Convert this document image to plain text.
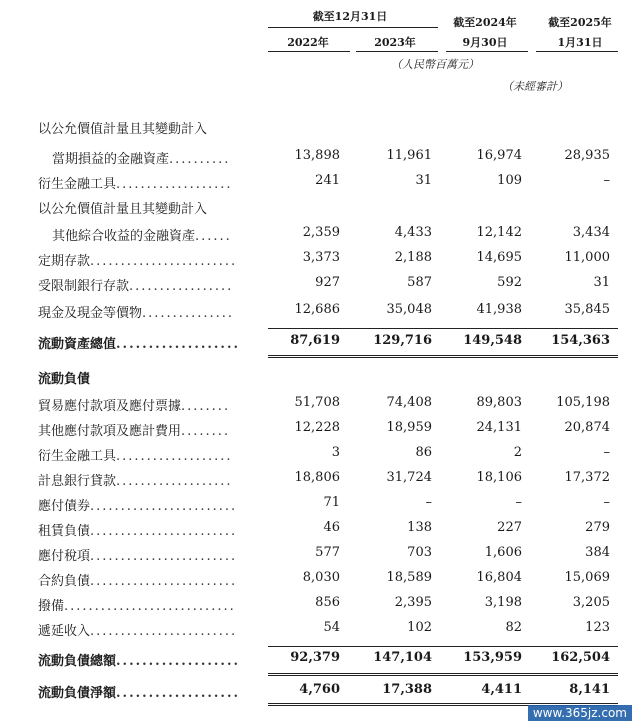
截至12月31日
2022年	2023年
截至2024年
9月30日
截至2025年
1月31日
（人民幣百萬元）
（未經審計）
以公允價值計量且其變動計入
當期損益的金融資產..........	13,898	11,961	16,974	28,935
衍生金融工具...................	241	31	109	–
以公允價值計量且其變動計入
其他綜合收益的金融資產......	2,359	4,433	12,142	3,434
定期存款........................	3,373	2,188	14,695	11,000
受限制銀行存款.................	927	587	592	31
現金及現金等價物...............	12,686	35,048	41,938	35,845
流動資產總值...................	87,619	129,716	149,548	154,363
流動負債
貿易應付款項及應付票據........	51,708	74,408	89,803	105,198
其他應付款項及應計費用........	12,228	18,959	24,131	20,874
衍生金融工具...................	3	86	2	–
計息銀行貸款...................	18,806	31,724	18,106	17,372
應付債券........................	71	–	–	–
租賃負債........................	46	138	227	279
應付稅項........................	577	703	1,606	384
合約負債........................	8,030	18,589	16,804	15,069
撥備............................	856	2,395	3,198	3,205
遞延收入........................	54	102	82	123
流動負債總額...................	92,379	147,104	153,959	162,504
流動負債淨額...................	4,760	17,388	4,411	8,141
www.365jz.com
